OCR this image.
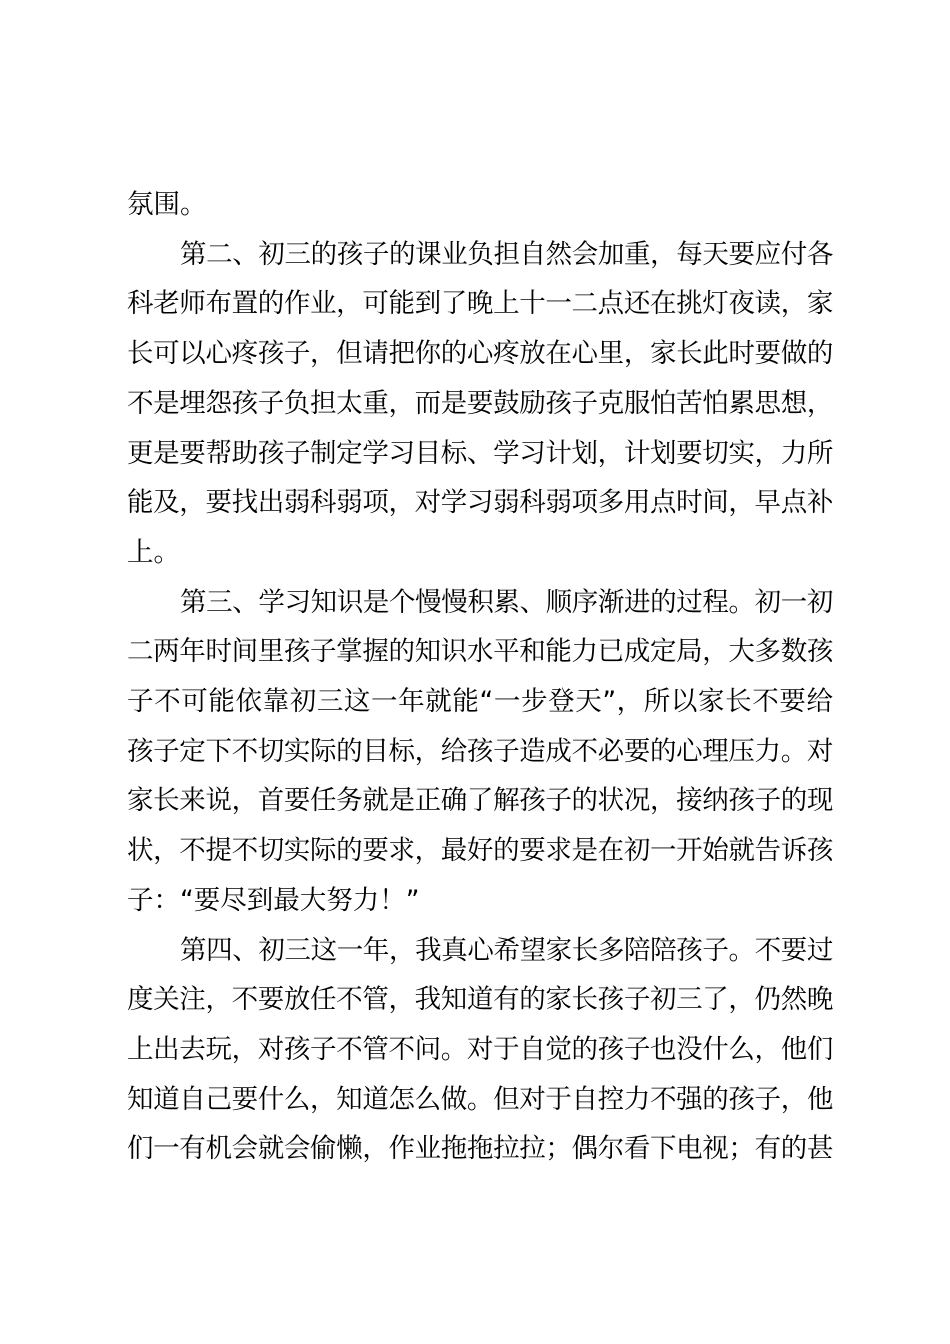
氛围。
第二、初三的孩子的课业负担自然会加重，每天要应付各
科老师布置的作业，可能到了晚上十一二点还在挑灯夜读，家
长可以心疼孩子，但请把你的心疼放在心里，家长此时要做的
不是埋怨孩子负担太重，而是要鼓励孩子克服怕苦怕累思想，
更是要帮助孩子制定学习目标、学习计划，计划要切实，力所
能及，要找出弱科弱项，对学习弱科弱项多用点时间，早点补
上。
第三、学习知识是个慢慢积累、顺序渐进的过程。初一初
二两年时间里孩子掌握的知识水平和能力已成定局，大多数孩
子不可能依靠初三这一年就能“一步登天”，所以家长不要给
孩子定下不切实际的目标，给孩子造成不必要的心理压力。对
家长来说，首要任务就是正确了解孩子的状况，接纳孩子的现
状，不提不切实际的要求，最好的要求是在初一开始就告诉孩
子：“要尽到最大努力！”
第四、初三这一年，我真心希望家长多陪陪孩子。不要过
度关注，不要放任不管，我知道有的家长孩子初三了，仍然晚
上出去玩，对孩子不管不问。对于自觉的孩子也没什么，他们
知道自己要什么，知道怎么做。但对于自控力不强的孩子，他
们一有机会就会偷懒，作业拖拖拉拉；偶尔看下电视；有的甚
